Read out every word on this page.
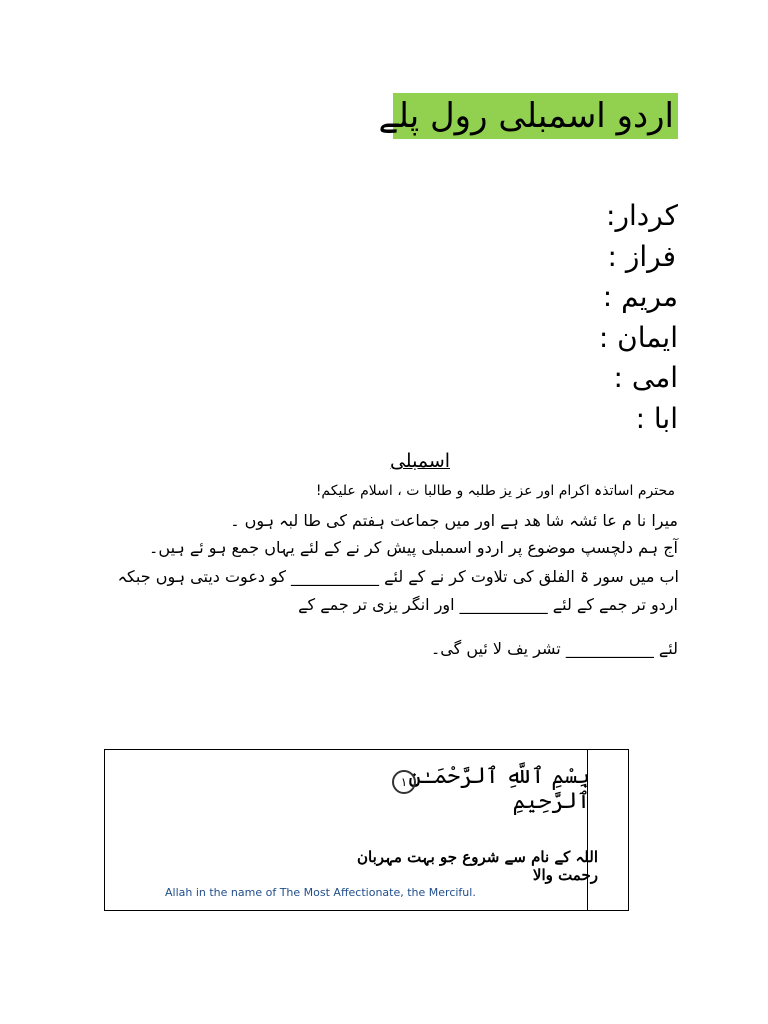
اردو اسمبلی رول پلے
کردار:
فراز :
مریم :
ایمان :
امی :
ابا :
اسمبلی
محترم اساتذہ اکرام اور عز یز طلبہ و طالبا ت ، اسلام علیکم!
میرا نا م عا ئشہ شا ھد ہے اور میں جماعت ہفتم کی طا لبہ ہوں ۔
آج ہم دلچسپ موضوع پر اردو اسمبلی پیش کر نے کے لئے یہاں جمع ہو ئے ہیں۔
اب میں سور ۃ الفلق کی تلاوت کر نے کے لئے ___________ کو دعوت دیتی ہوں جبکہ
اردو تر جمے کے لئے ___________ اور انگر یزی تر جمے کے
لئے ___________ تشر یف لا ئیں گی۔
بِسْمِ ٱللَّهِ ٱلرَّحْمَـٰنِ ٱلرَّحِيمِ
١
اللہ کے نام سے شروع جو بہت مہربان رحمت والا
Allah in the name of The Most Affectionate, the Merciful.
